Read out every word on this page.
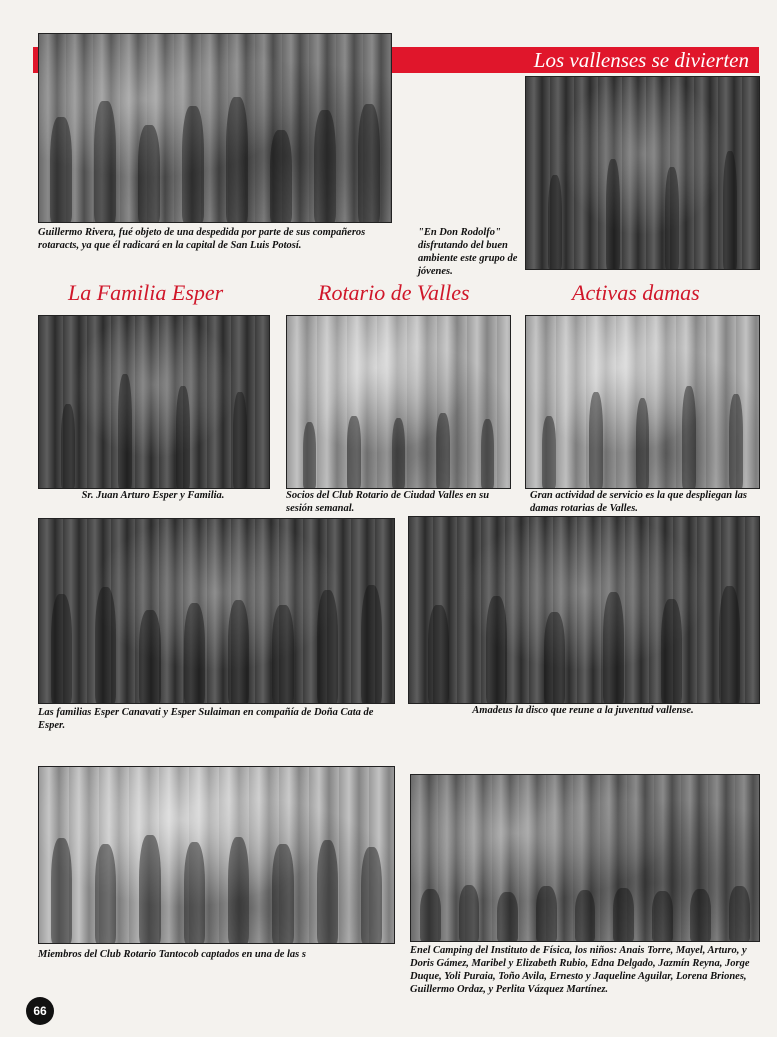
Los vallenses se divierten
Guillermo Rivera, fué objeto de una despedida por parte de sus compañeros rotaracts, ya que él radicará en la capital de San Luis Potosí.
"En Don Rodolfo" disfrutando del buen ambiente este grupo de jóvenes.
La Familia Esper	Rotario de Valles	Activas damas
Sr. Juan Arturo Esper y Familia.	Socios del Club Rotario de Ciudad Valles en su sesión semanal.
Gran actividad de servicio es la que despliegan las damas rotarias de Valles.
Las familias Esper Canavati y Esper Sulaiman en compañía de Doña Cata de Esper.
Amadeus la disco que reune a la juventud vallense.
Miembros del Club Rotario Tantocob captados en una de las s	Enel Camping del Instituto de Física, los niños: Anais Torre, Mayel, Arturo, y Doris Gámez, Maribel y Elizabeth Rubio, Edna Delgado, Jazmín Reyna, Jorge Duque, Yoli Puraia, Toño Avila, Ernesto y Jaqueline Aguilar, Lorena Briones, Guillermo Ordaz, y Perlita Vázquez Martínez.
66
